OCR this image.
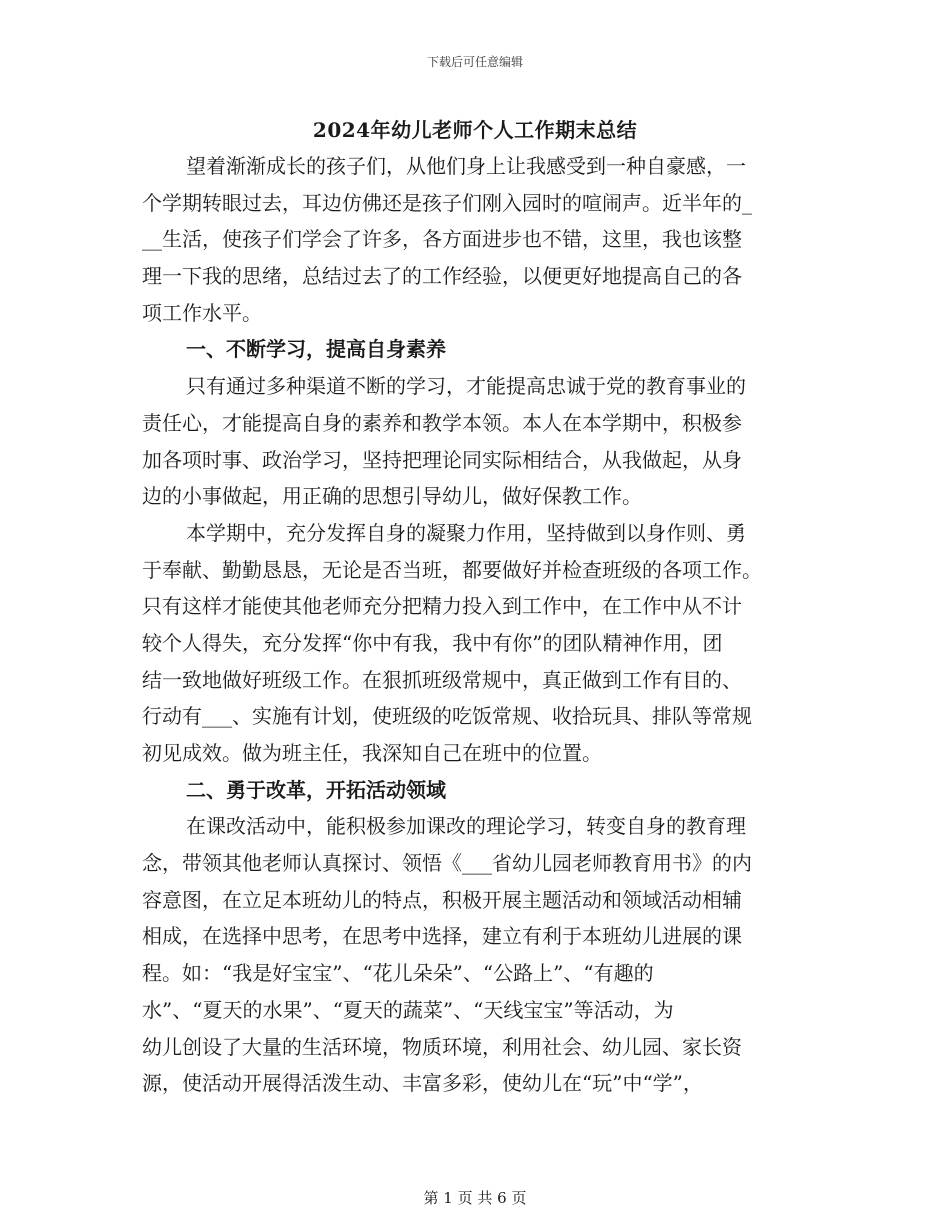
下载后可任意编辑
2024年幼儿老师个人工作期末总结
望着渐渐成长的孩子们，从他们身上让我感受到一种自豪感，一
个学期转眼过去，耳边仿佛还是孩子们刚入园时的喧闹声。近半年的_
__生活，使孩子们学会了许多，各方面进步也不错，这里，我也该整
理一下我的思绪，总结过去了的工作经验，以便更好地提高自己的各
项工作水平。
一、不断学习，提高自身素养
只有通过多种渠道不断的学习，才能提高忠诚于党的教育事业的
责任心，才能提高自身的素养和教学本领。本人在本学期中，积极参
加各项时事、政治学习，坚持把理论同实际相结合，从我做起，从身
边的小事做起，用正确的思想引导幼儿，做好保教工作。
本学期中，充分发挥自身的凝聚力作用，坚持做到以身作则、勇
于奉献、勤勤恳恳，无论是否当班，都要做好并检查班级的各项工作。
只有这样才能使其他老师充分把精力投入到工作中，在工作中从不计
较个人得失，充分发挥“你中有我，我中有你”的团队精神作用，团
结一致地做好班级工作。在狠抓班级常规中，真正做到工作有目的、
行动有___、实施有计划，使班级的吃饭常规、收拾玩具、排队等常规
初见成效。做为班主任，我深知自己在班中的位置。
二、勇于改革，开拓活动领域
在课改活动中，能积极参加课改的理论学习，转变自身的教育理
念，带领其他老师认真探讨、领悟《___省幼儿园老师教育用书》的内
容意图，在立足本班幼儿的特点，积极开展主题活动和领域活动相辅
相成，在选择中思考，在思考中选择，建立有利于本班幼儿进展的课
程。如：“我是好宝宝”、“花儿朵朵”、“公路上”、“有趣的
水”、“夏天的水果”、“夏天的蔬菜”、“天线宝宝”等活动，为
幼儿创设了大量的生活环境，物质环境，利用社会、幼儿园、家长资
源，使活动开展得活泼生动、丰富多彩，使幼儿在“玩”中“学”，
第 1 页 共 6 页
